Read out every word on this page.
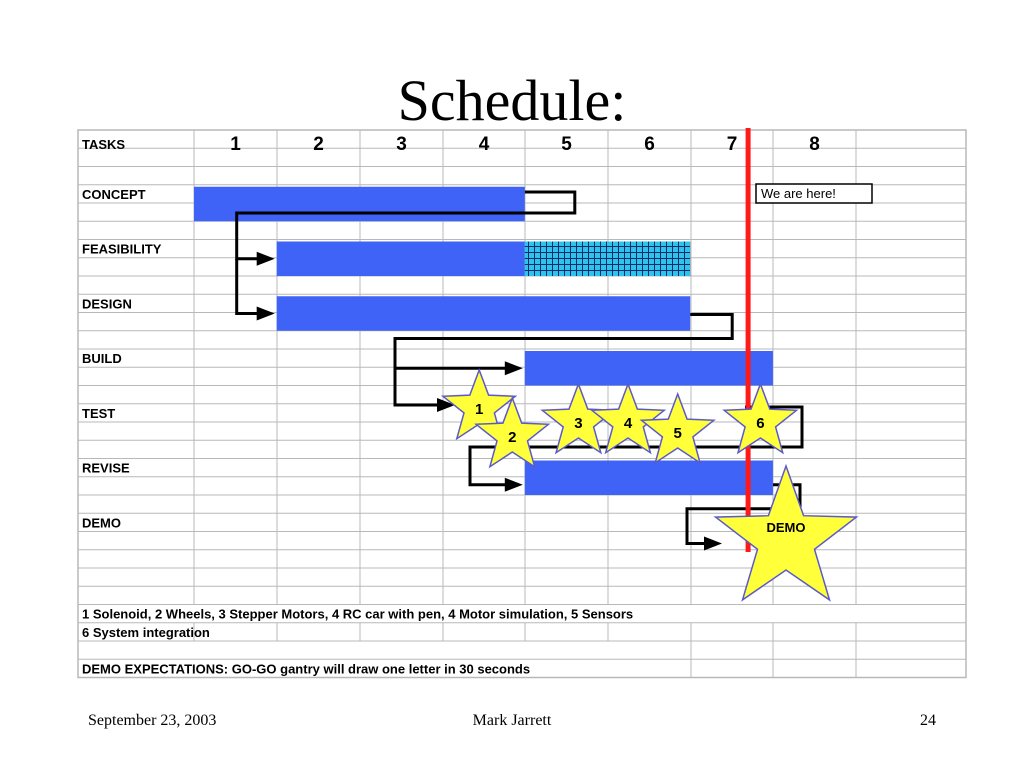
Schedule:
TASKS	1	2	3	4	5	6	7	8
CONCEPT
FEASIBILITY
DESIGN
BUILD
TEST
REVISE
DEMO
1 Solenoid, 2 Wheels, 3 Stepper Motors, 4 RC car with pen, 4 Motor simulation, 5 Sensors
6 System integration
DEMO EXPECTATIONS: GO-GO gantry will draw one letter in 30 seconds
1
2
3	4
5
6
DEMO
We are here!
September 23, 2003	Mark Jarrett	24
